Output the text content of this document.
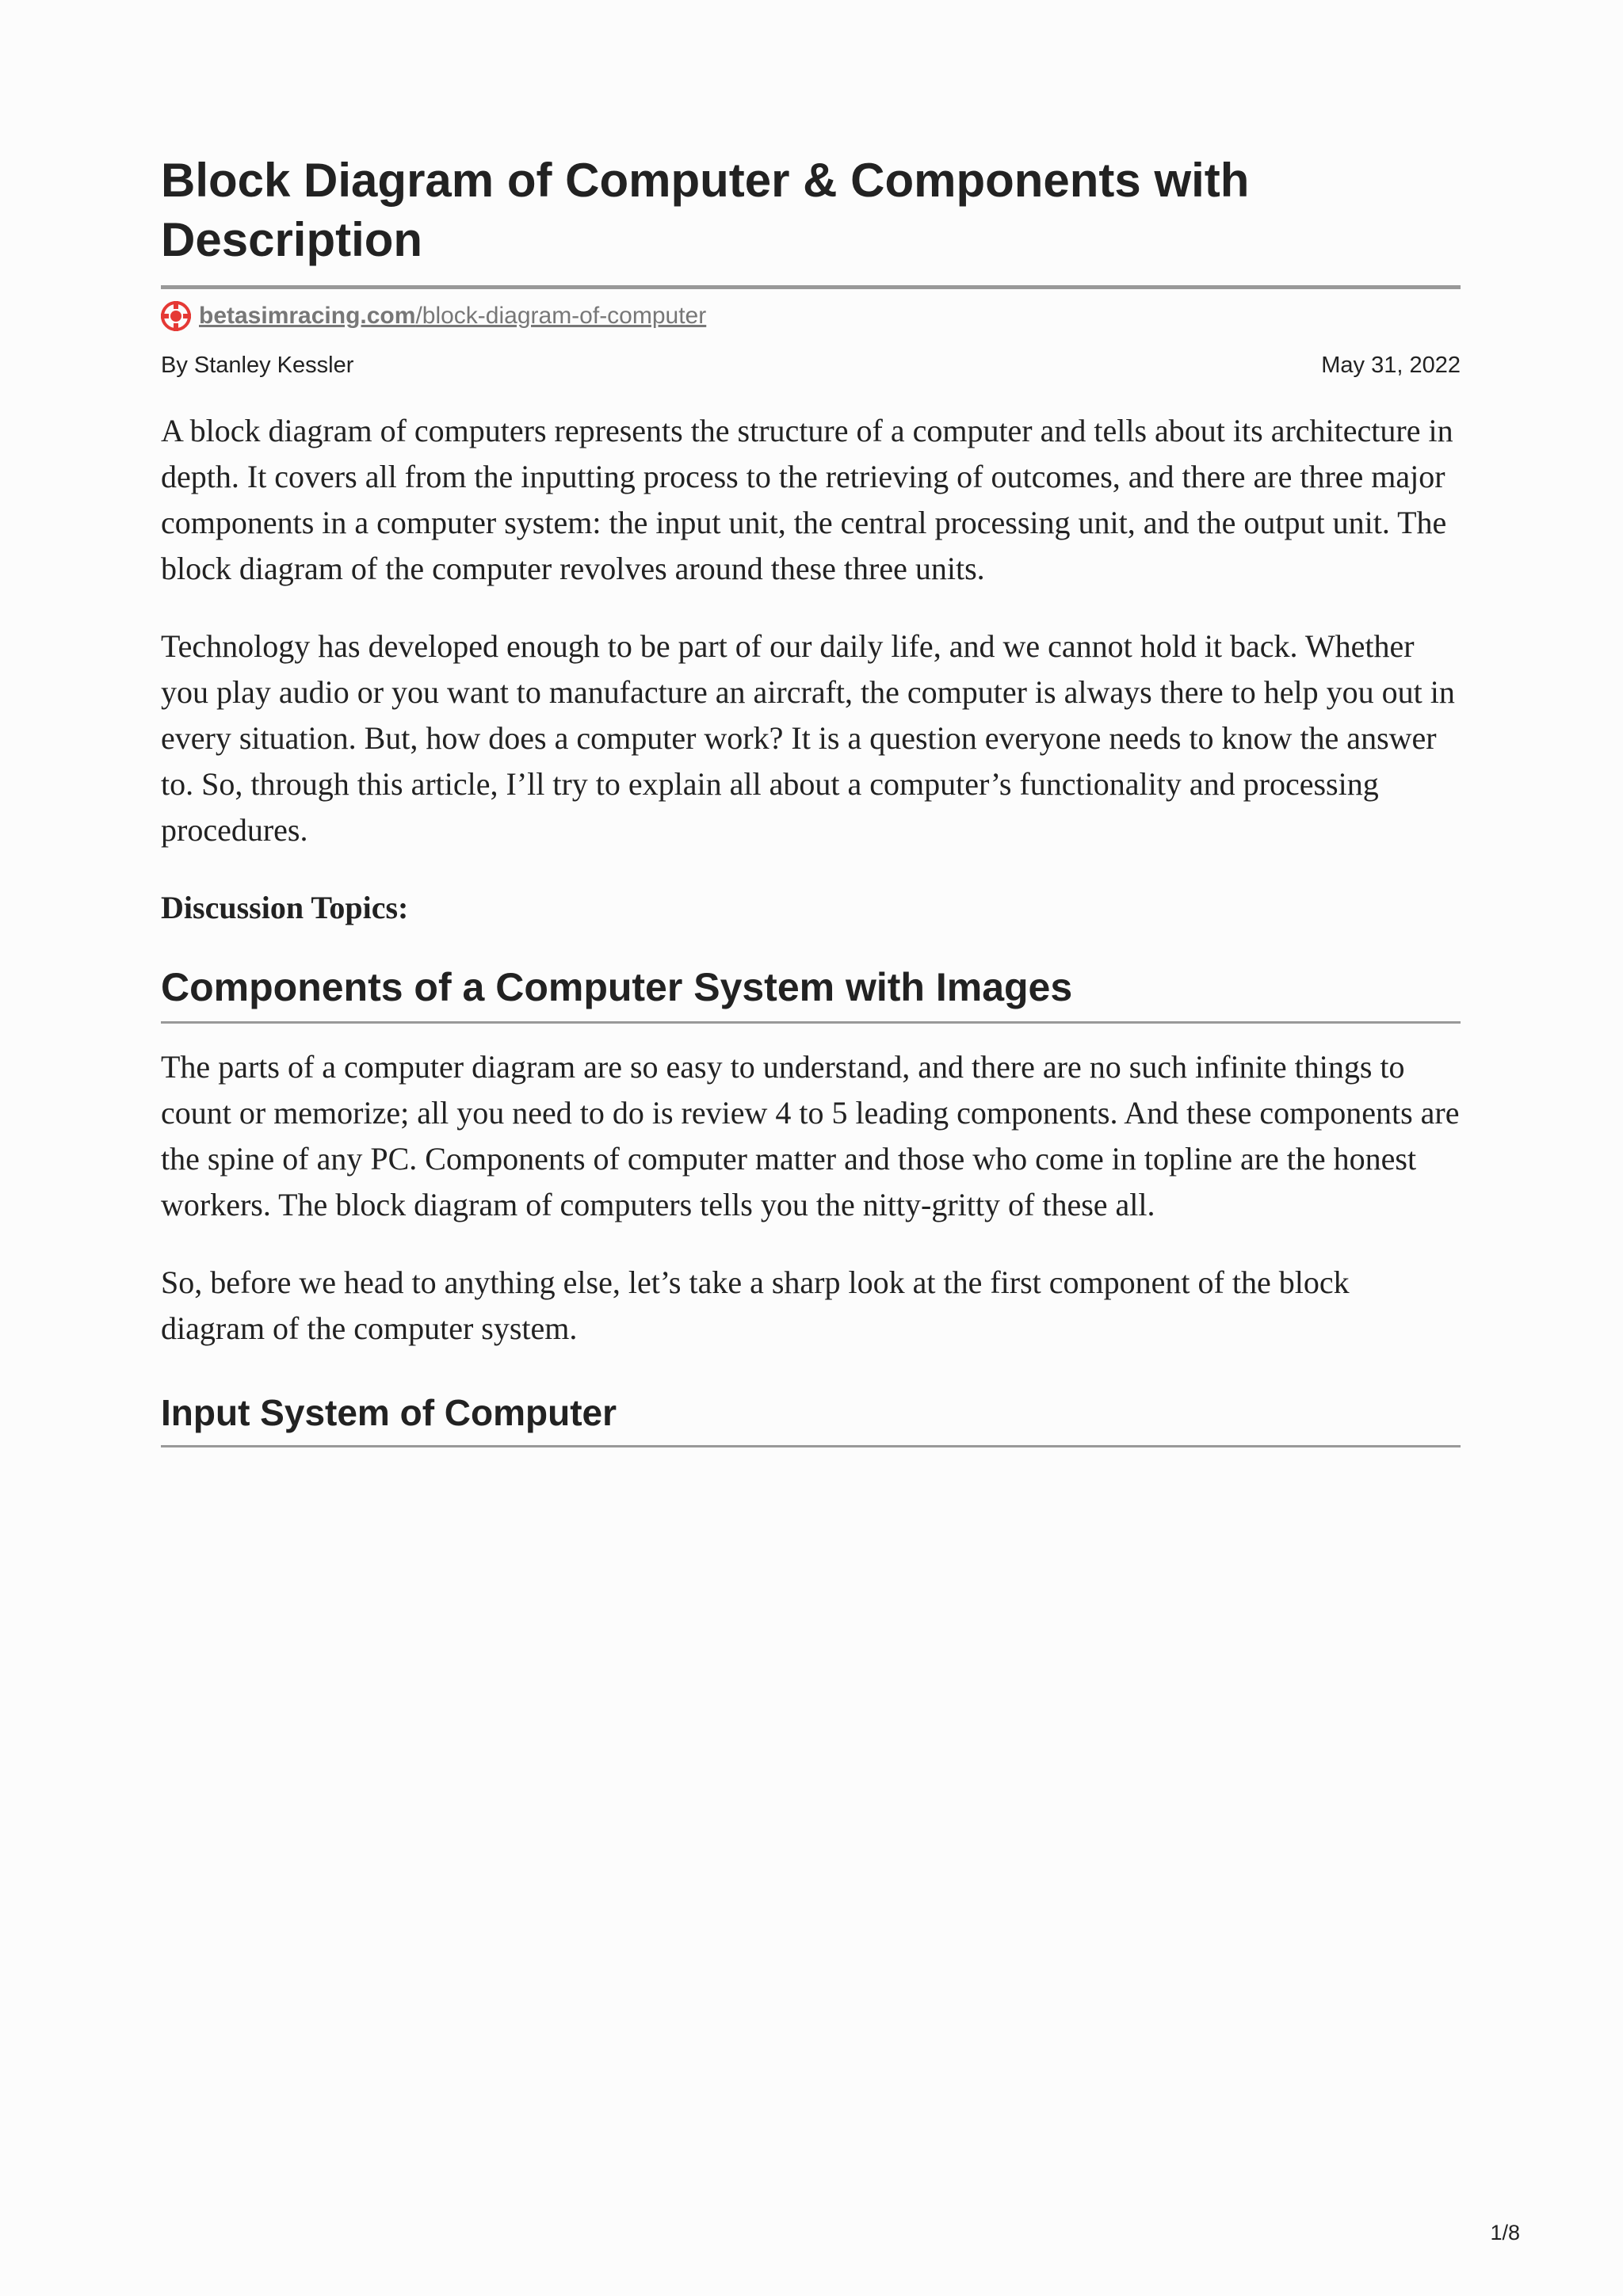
Block Diagram of Computer & Components with Description
betasimracing.com/block-diagram-of-computer
By Stanley Kessler	May 31, 2022

A block diagram of computers represents the structure of a computer and tells about its architecture in depth. It covers all from the inputting process to the retrieving of outcomes, and there are three major components in a computer system: the input unit, the central processing unit, and the output unit. The block diagram of the computer revolves around these three units.

Technology has developed enough to be part of our daily life, and we cannot hold it back. Whether you play audio or you want to manufacture an aircraft, the computer is always there to help you out in every situation. But, how does a computer work? It is a question everyone needs to know the answer to. So, through this article, I’ll try to explain all about a computer’s functionality and processing procedures.

Discussion Topics:
Components of a Computer System with Images

The parts of a computer diagram are so easy to understand, and there are no such infinite things to count or memorize; all you need to do is review 4 to 5 leading components. And these components are the spine of any PC. Components of computer matter and those who come in topline are the honest workers. The block diagram of computers tells you the nitty-gritty of these all.

So, before we head to anything else, let’s take a sharp look at the first component of the block diagram of the computer system.

Input System of Computer
1/8
